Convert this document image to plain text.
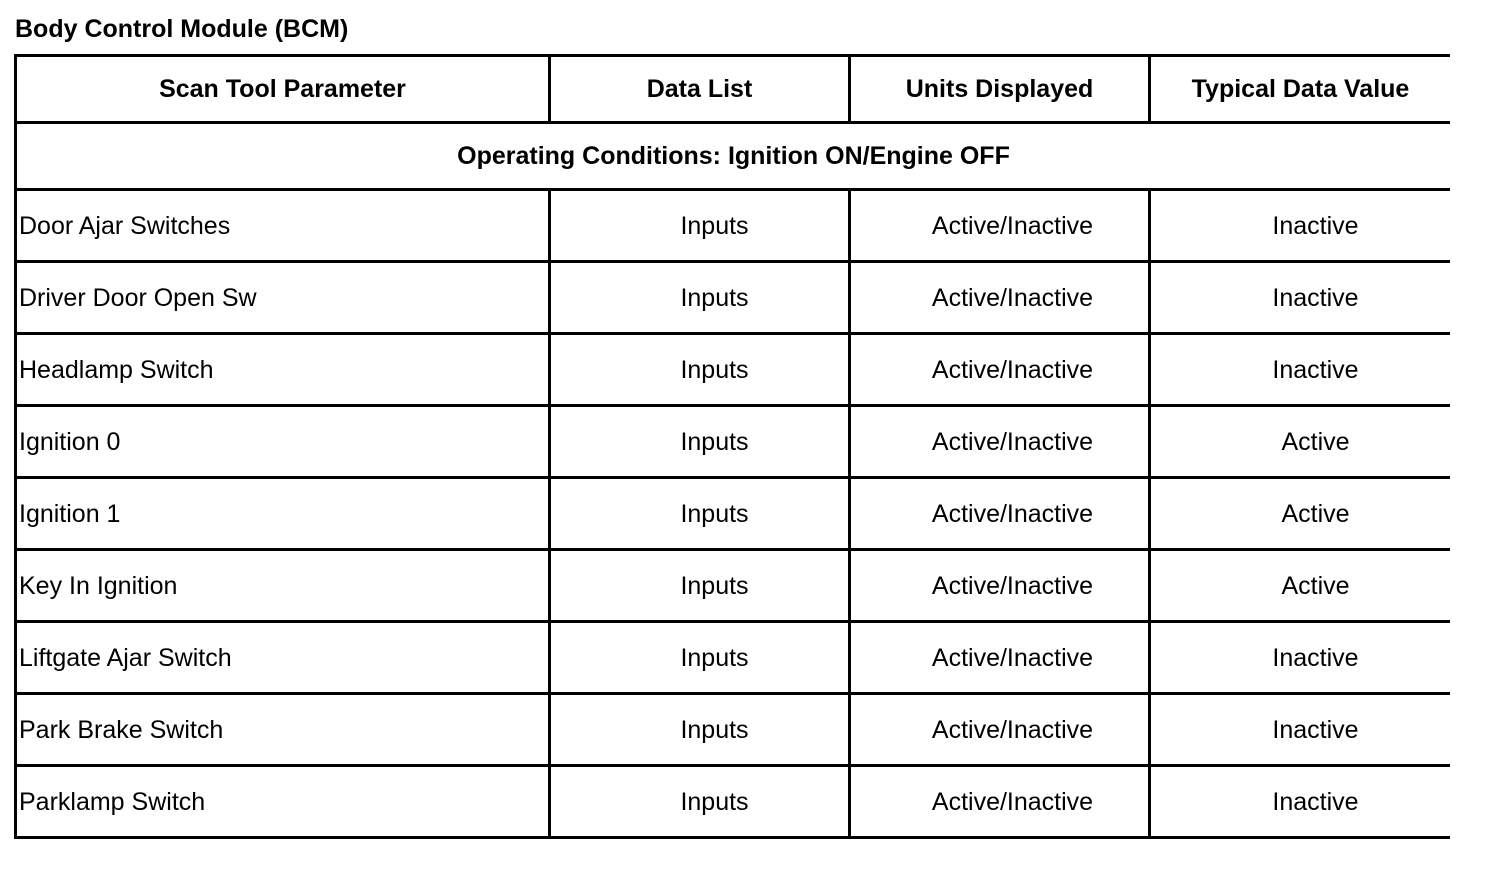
Body Control Module (BCM)
Scan Tool Parameter	Data List	Units Displayed	Typical Data Value
Operating Conditions: Ignition ON/Engine OFF			
Door Ajar Switches	Inputs	Active/Inactive	Inactive
Driver Door Open Sw	Inputs	Active/Inactive	Inactive
Headlamp Switch	Inputs	Active/Inactive	Inactive
Ignition 0	Inputs	Active/Inactive	Active
Ignition 1	Inputs	Active/Inactive	Active
Key In Ignition	Inputs	Active/Inactive	Active
Liftgate Ajar Switch	Inputs	Active/Inactive	Inactive
Park Brake Switch	Inputs	Active/Inactive	Inactive
Parklamp Switch	Inputs	Active/Inactive	Inactive
